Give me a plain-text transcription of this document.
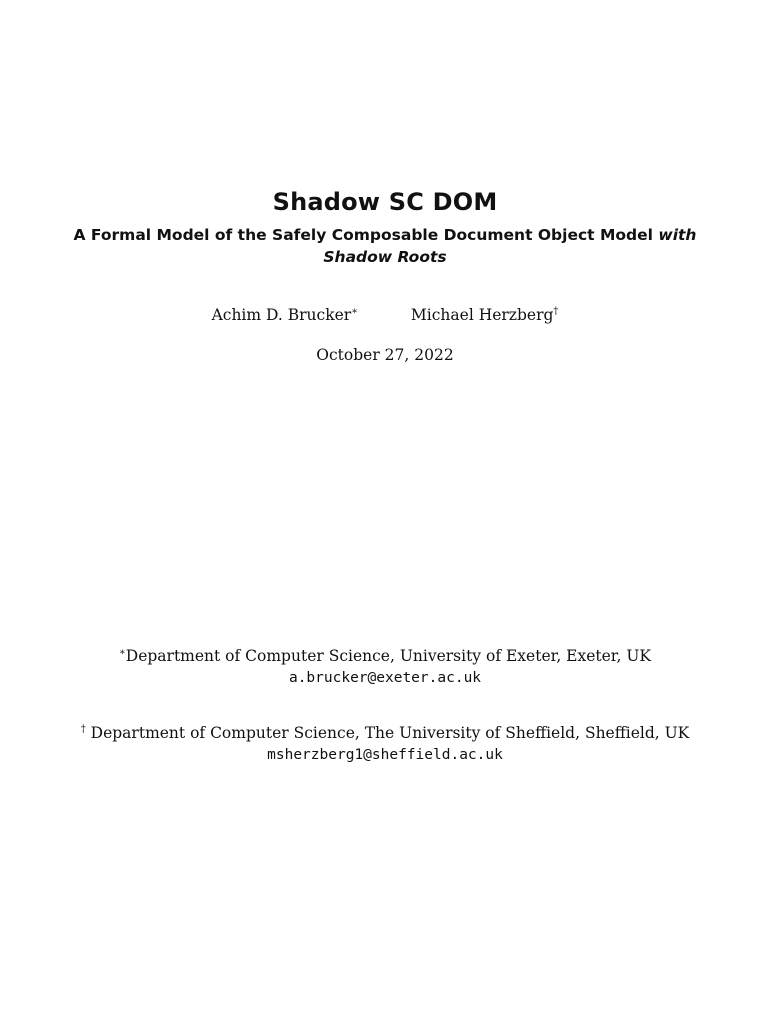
Shadow SC DOM

A Formal Model of the Safely Composable Document Object Model with Shadow Roots

Achim D. Brucker∗	Michael Herzberg†
October 27, 2022
∗Department of Computer Science, University of Exeter, Exeter, UK
a.brucker@exeter.ac.uk
† Department of Computer Science, The University of Sheffield, Sheffield, UK
msherzberg1@sheffield.ac.uk
